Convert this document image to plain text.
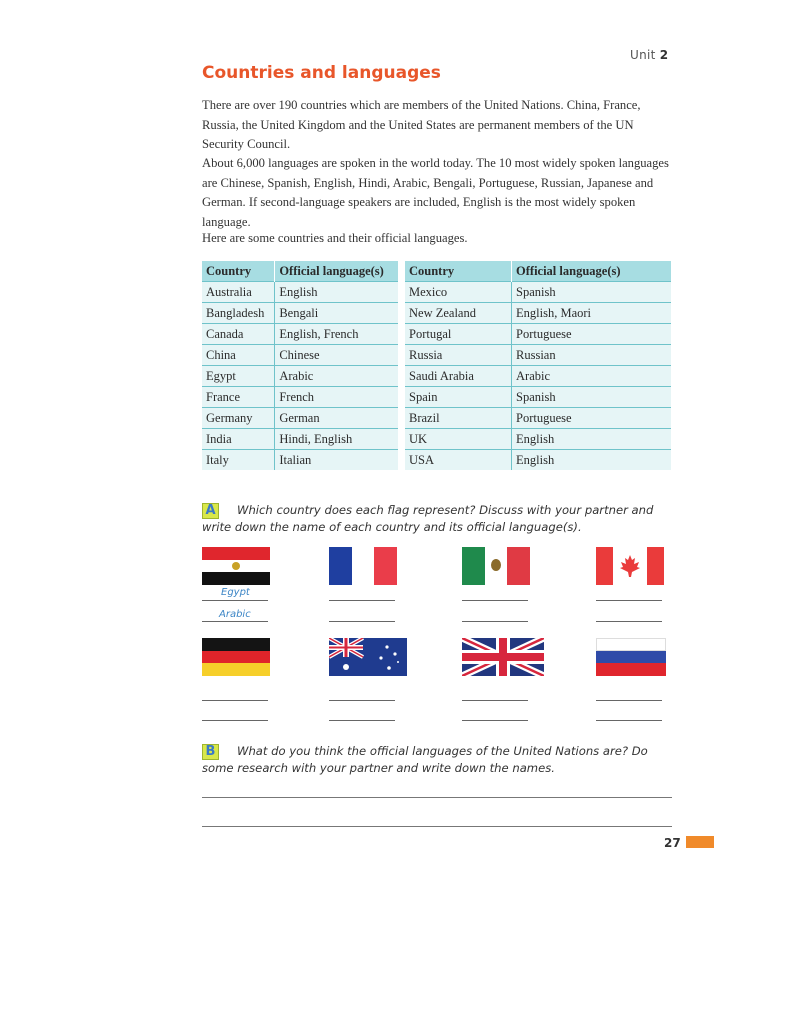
Unit 2
Countries and languages

There are over 190 countries which are members of the United Nations. China, France, Russia, the United Kingdom and the United States are permanent members of the UN Security Council.

About 6,000 languages are spoken in the world today. The 10 most widely spoken languages are Chinese, Spanish, English, Hindi, Arabic, Bengali, Portuguese, Russian, Japanese and German. If second-language speakers are included, English is the most widely spoken language.

Here are some countries and their official languages.

Country	Official language(s)
Australia	English
Bangladesh	Bengali
Canada	English, French
China	Chinese
Egypt	Arabic
France	French
Germany	German
India	Hindi, English
Italy	Italian
Country	Official language(s)
Mexico	Spanish
New Zealand	English, Maori
Portugal	Portuguese
Russia	Russian
Saudi Arabia	Arabic
Spain	Spanish
Brazil	Portuguese
UK	English
USA	English

A Which country does each flag represent? Discuss with your partner and write down the name of each country and its official language(s).

Egypt
Arabic

B What do you think the official languages of the United Nations are? Do some research with your partner and write down the names.

27
